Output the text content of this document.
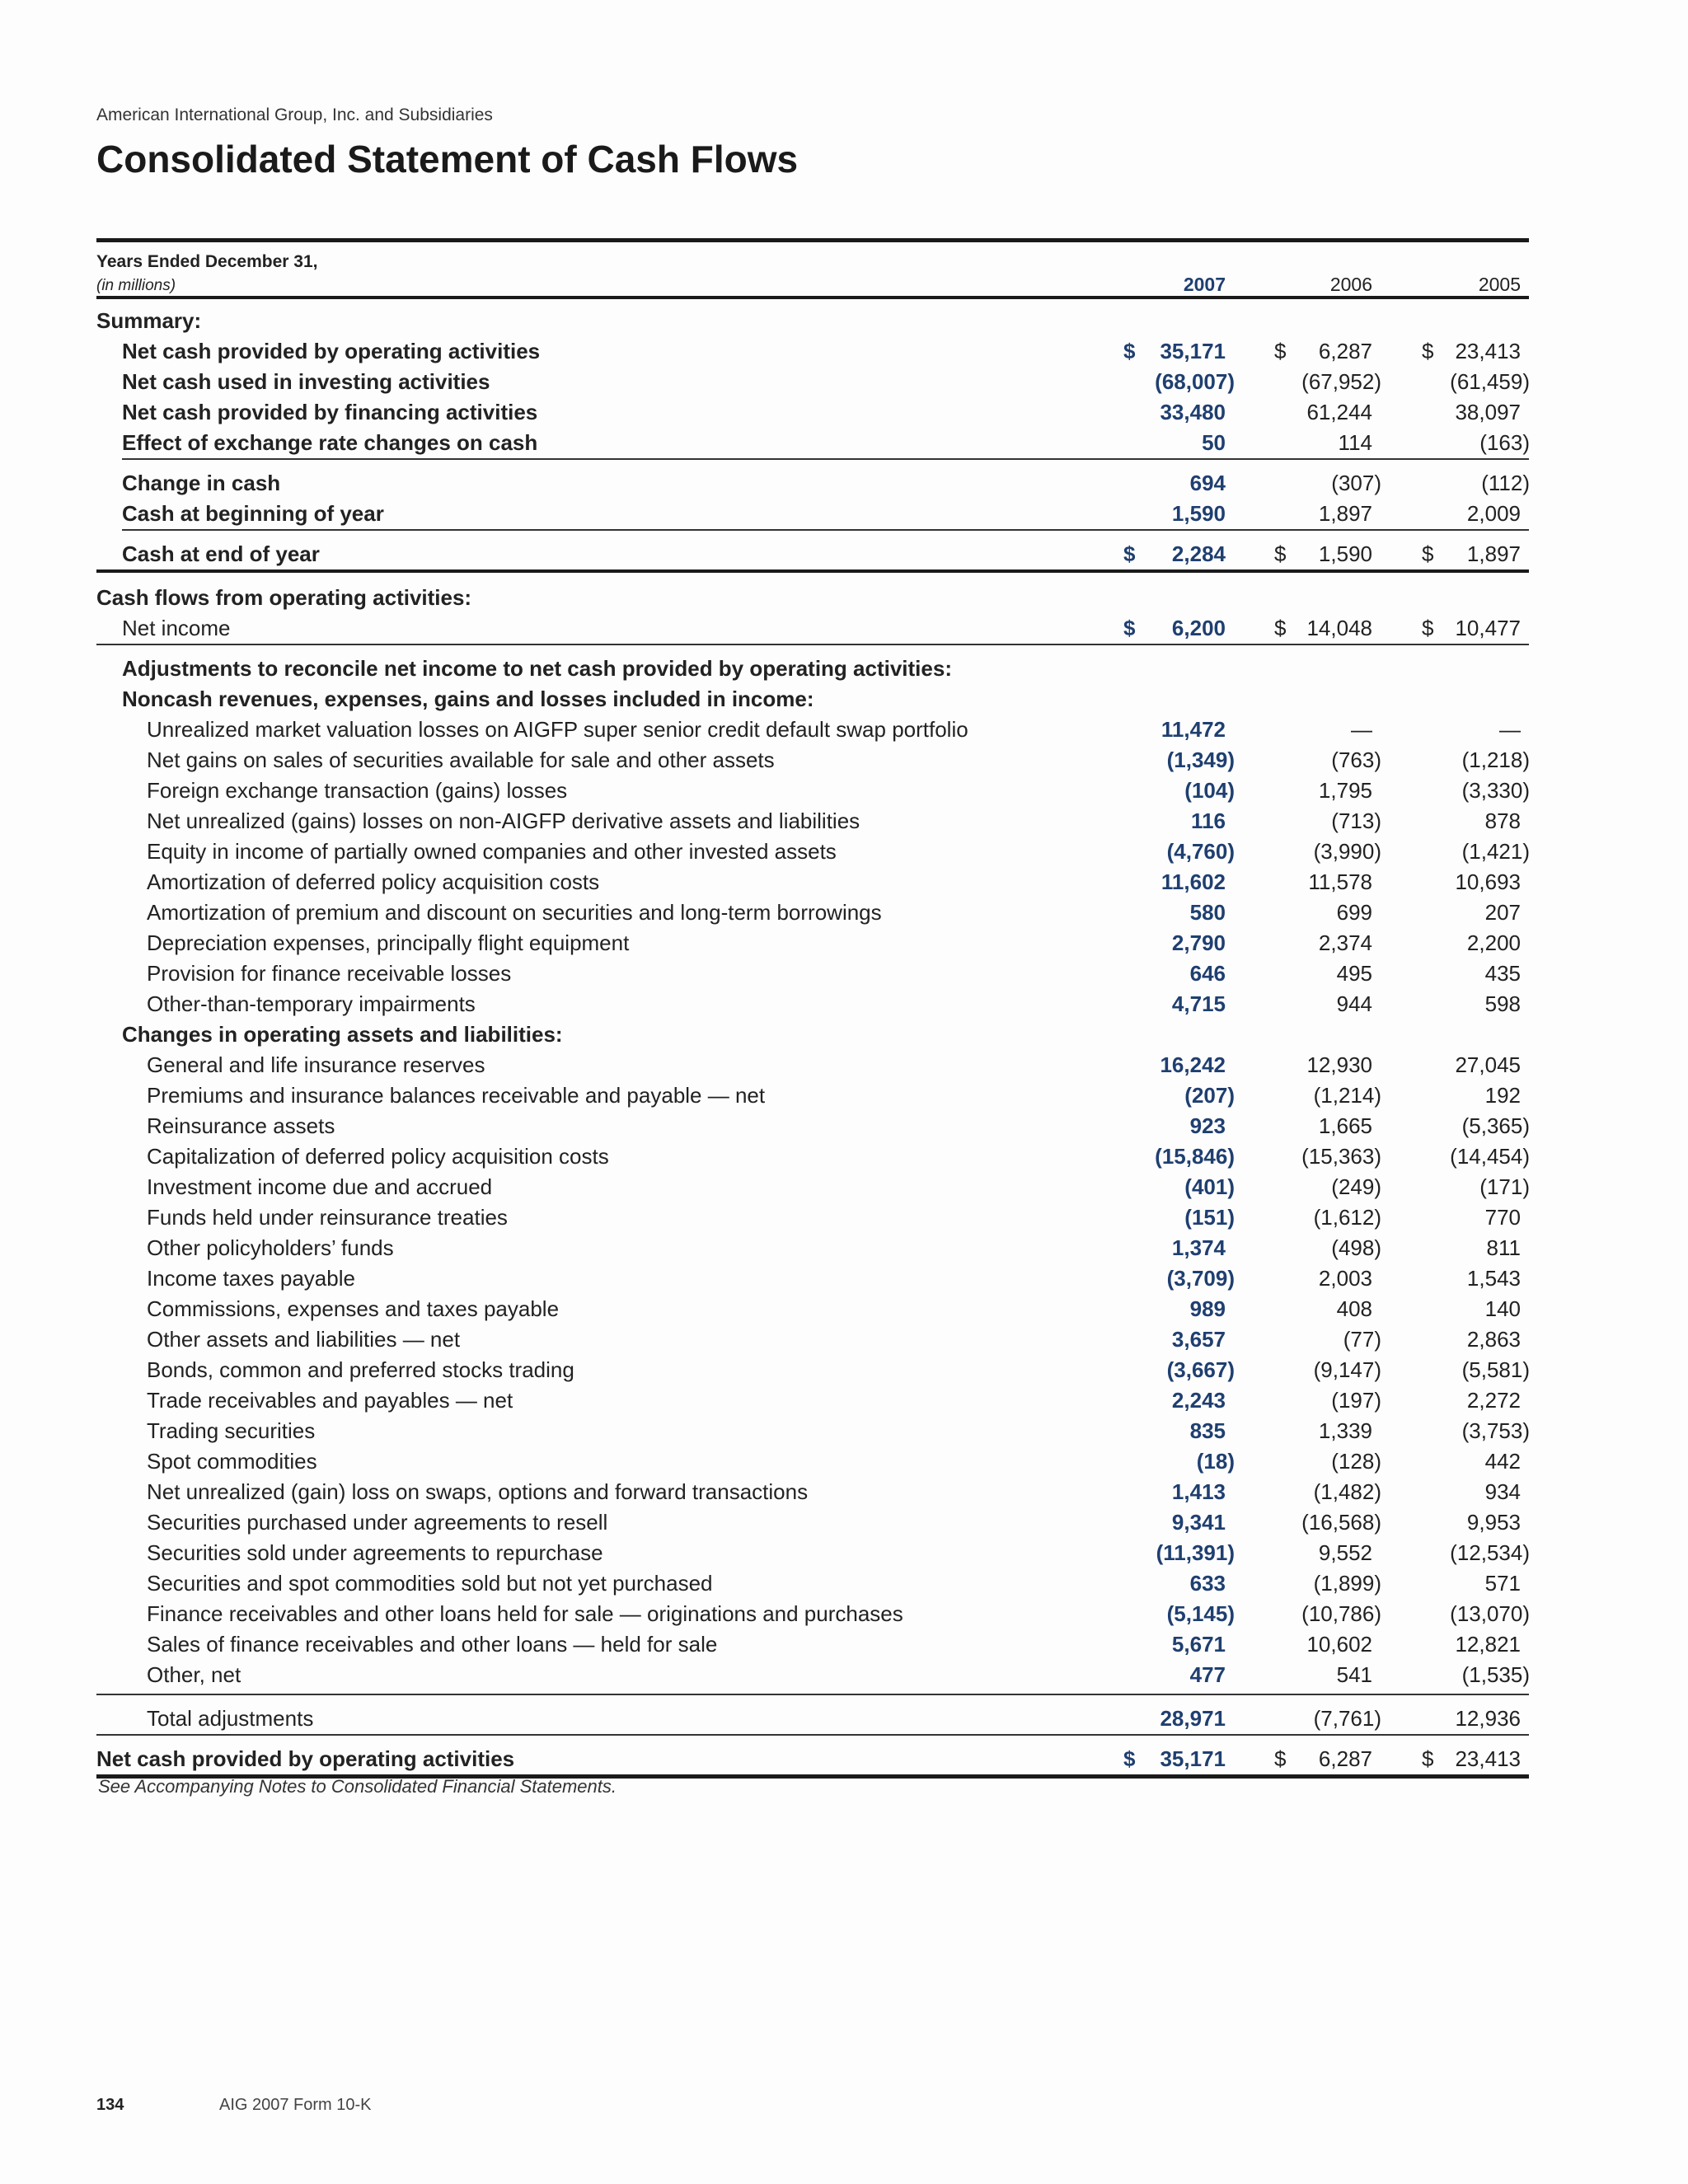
American International Group, Inc. and Subsidiaries
Consolidated Statement of Cash Flows
Years Ended December 31,
(in millions)	2007	2006	2005
Summary:
Net cash provided by operating activities	$ 35,171 $ 6,287 $ 23,413
Net cash used in investing activities	(68,007)	(67,952)	(61,459)
Net cash provided by financing activities	33,480	61,244	38,097
Effect of exchange rate changes on cash	50	114	(163)
Change in cash	694	(307)	(112)
Cash at beginning of year	1,590	1,897	2,009
Cash at end of year	$ 2,284 $ 1,590 $ 1,897
Cash flows from operating activities:
Net income	$ 6,200 $ 14,048 $ 10,477
Adjustments to reconcile net income to net cash provided by operating activities:
Noncash revenues, expenses, gains and losses included in income:
Unrealized market valuation losses on AIGFP super senior credit default swap portfolio	11,472	—	—
Net gains on sales of securities available for sale and other assets	(1,349)	(763)	(1,218)
Foreign exchange transaction (gains) losses	(104)	1,795	(3,330)
Net unrealized (gains) losses on non-AIGFP derivative assets and liabilities	116	(713)	878
Equity in income of partially owned companies and other invested assets	(4,760)	(3,990)	(1,421)
Amortization of deferred policy acquisition costs	11,602	11,578	10,693
Amortization of premium and discount on securities and long-term borrowings	580	699	207
Depreciation expenses, principally flight equipment	2,790	2,374	2,200
Provision for finance receivable losses	646	495	435
Other-than-temporary impairments	4,715	944	598
Changes in operating assets and liabilities:
General and life insurance reserves	16,242	12,930	27,045
Premiums and insurance balances receivable and payable — net	(207)	(1,214)	192
Reinsurance assets	923	1,665	(5,365)
Capitalization of deferred policy acquisition costs	(15,846)	(15,363)	(14,454)
Investment income due and accrued	(401)	(249)	(171)
Funds held under reinsurance treaties	(151)	(1,612)	770
Other policyholders’ funds	1,374	(498)	811
Income taxes payable	(3,709)	2,003	1,543
Commissions, expenses and taxes payable	989	408	140
Other assets and liabilities — net	3,657	(77)	2,863
Bonds, common and preferred stocks trading	(3,667)	(9,147)	(5,581)
Trade receivables and payables — net	2,243	(197)	2,272
Trading securities	835	1,339	(3,753)
Spot commodities	(18)	(128)	442
Net unrealized (gain) loss on swaps, options and forward transactions	1,413	(1,482)	934
Securities purchased under agreements to resell	9,341	(16,568)	9,953
Securities sold under agreements to repurchase	(11,391)	9,552	(12,534)
Securities and spot commodities sold but not yet purchased	633	(1,899)	571
Finance receivables and other loans held for sale — originations and purchases	(5,145)	(10,786)	(13,070)
Sales of finance receivables and other loans — held for sale	5,671	10,602	12,821
Other, net	477	541	(1,535)
Total adjustments	28,971	(7,761)	12,936
Net cash provided by operating activities	$ 35,171 $ 6,287 $ 23,413
See Accompanying Notes to Consolidated Financial Statements.
134	AIG 2007 Form 10-K
